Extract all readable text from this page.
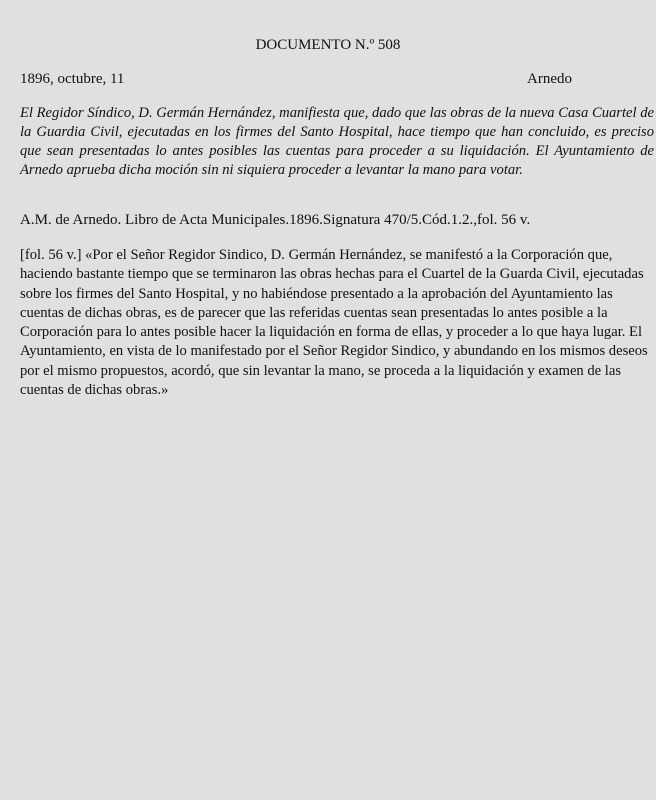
DOCUMENTO N.º 508
1896, octubre, 11	Arnedo

El Regidor Síndico, D. Germán Hernández, manifiesta que, dado que las obras de la nueva Casa Cuartel de la Guardia Civil, ejecutadas en los firmes del Santo Hospital, hace tiempo que han concluido, es preciso que sean presentadas lo antes posibles las cuentas para proceder a su liquidación. El Ayuntamiento de Arnedo aprueba dicha moción sin ni siquiera proceder a levantar la mano para votar.

A.M. de Arnedo. Libro de Acta Municipales.1896.Signatura 470/5.Cód.1.2.,fol. 56 v.

[fol. 56 v.] «Por el Señor Regidor Sindico, D. Germán Hernández, se manifestó a la Corporación que, haciendo bastante tiempo que se terminaron las obras hechas para el Cuartel de la Guarda Civil, ejecutadas sobre los firmes del Santo Hospital, y no habiéndose presentado a la aprobación del Ayuntamiento las cuentas de dichas obras, es de parecer que las referidas cuentas sean presentadas lo antes posible a la Corporación para lo antes posible hacer la liquidación en forma de ellas, y proceder a lo que haya lugar. El Ayuntamiento, en vista de lo manifestado por el Señor Regidor Sindico, y abundando en los mismos deseos por el mismo propuestos, acordó, que sin levantar la mano, se proceda a la liquidación y examen de las cuentas de dichas obras.»
